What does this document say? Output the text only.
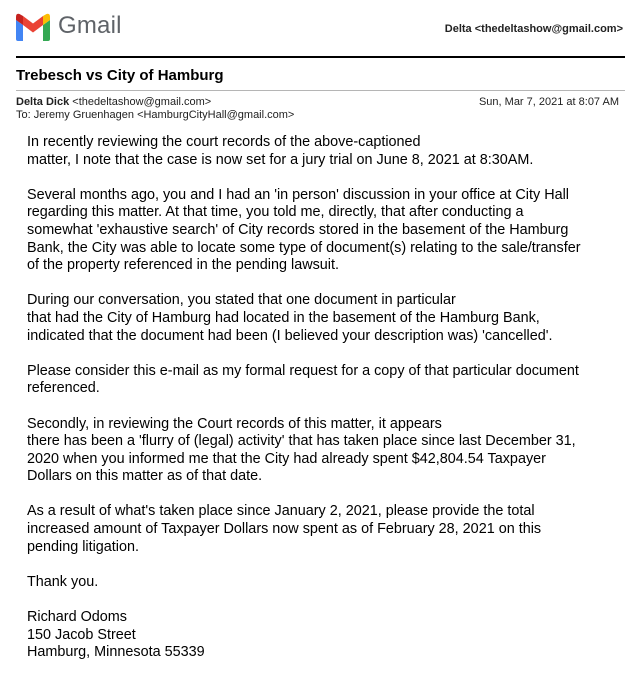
Gmail	Delta <thedeltashow@gmail.com>
Trebesch vs City of Hamburg
Delta Dick <thedeltashow@gmail.com>
To: Jeremy Gruenhagen <HamburgCityHall@gmail.com>
Sun, Mar 7, 2021 at 8:07 AM

In recently reviewing the court records of the above-captioned
matter, I note that the case is now set for a jury trial on June 8, 2021 at 8:30AM.

Several months ago, you and I had an 'in person' discussion in your office at City Hall
regarding this matter. At that time, you told me, directly, that after conducting a
somewhat 'exhaustive search' of City records stored in the basement of the Hamburg
Bank, the City was able to locate some type of document(s) relating to the sale/transfer
of the property referenced in the pending lawsuit.

During our conversation, you stated that one document in particular
that had the City of Hamburg had located in the basement of the Hamburg Bank,
indicated that the document had been (I believed your description was) 'cancelled'.

Please consider this e-mail as my formal request for a copy of that particular document
referenced.

Secondly, in reviewing the Court records of this matter, it appears
there has been a 'flurry of (legal) activity' that has taken place since last December 31,
2020 when you informed me that the City had already spent $42,804.54 Taxpayer
Dollars on this matter as of that date.

As a result of what's taken place since January 2, 2021, please provide the total
increased amount of Taxpayer Dollars now spent as of February 28, 2021 on this
pending litigation.

Thank you.

Richard Odoms
150 Jacob Street
Hamburg, Minnesota 55339
